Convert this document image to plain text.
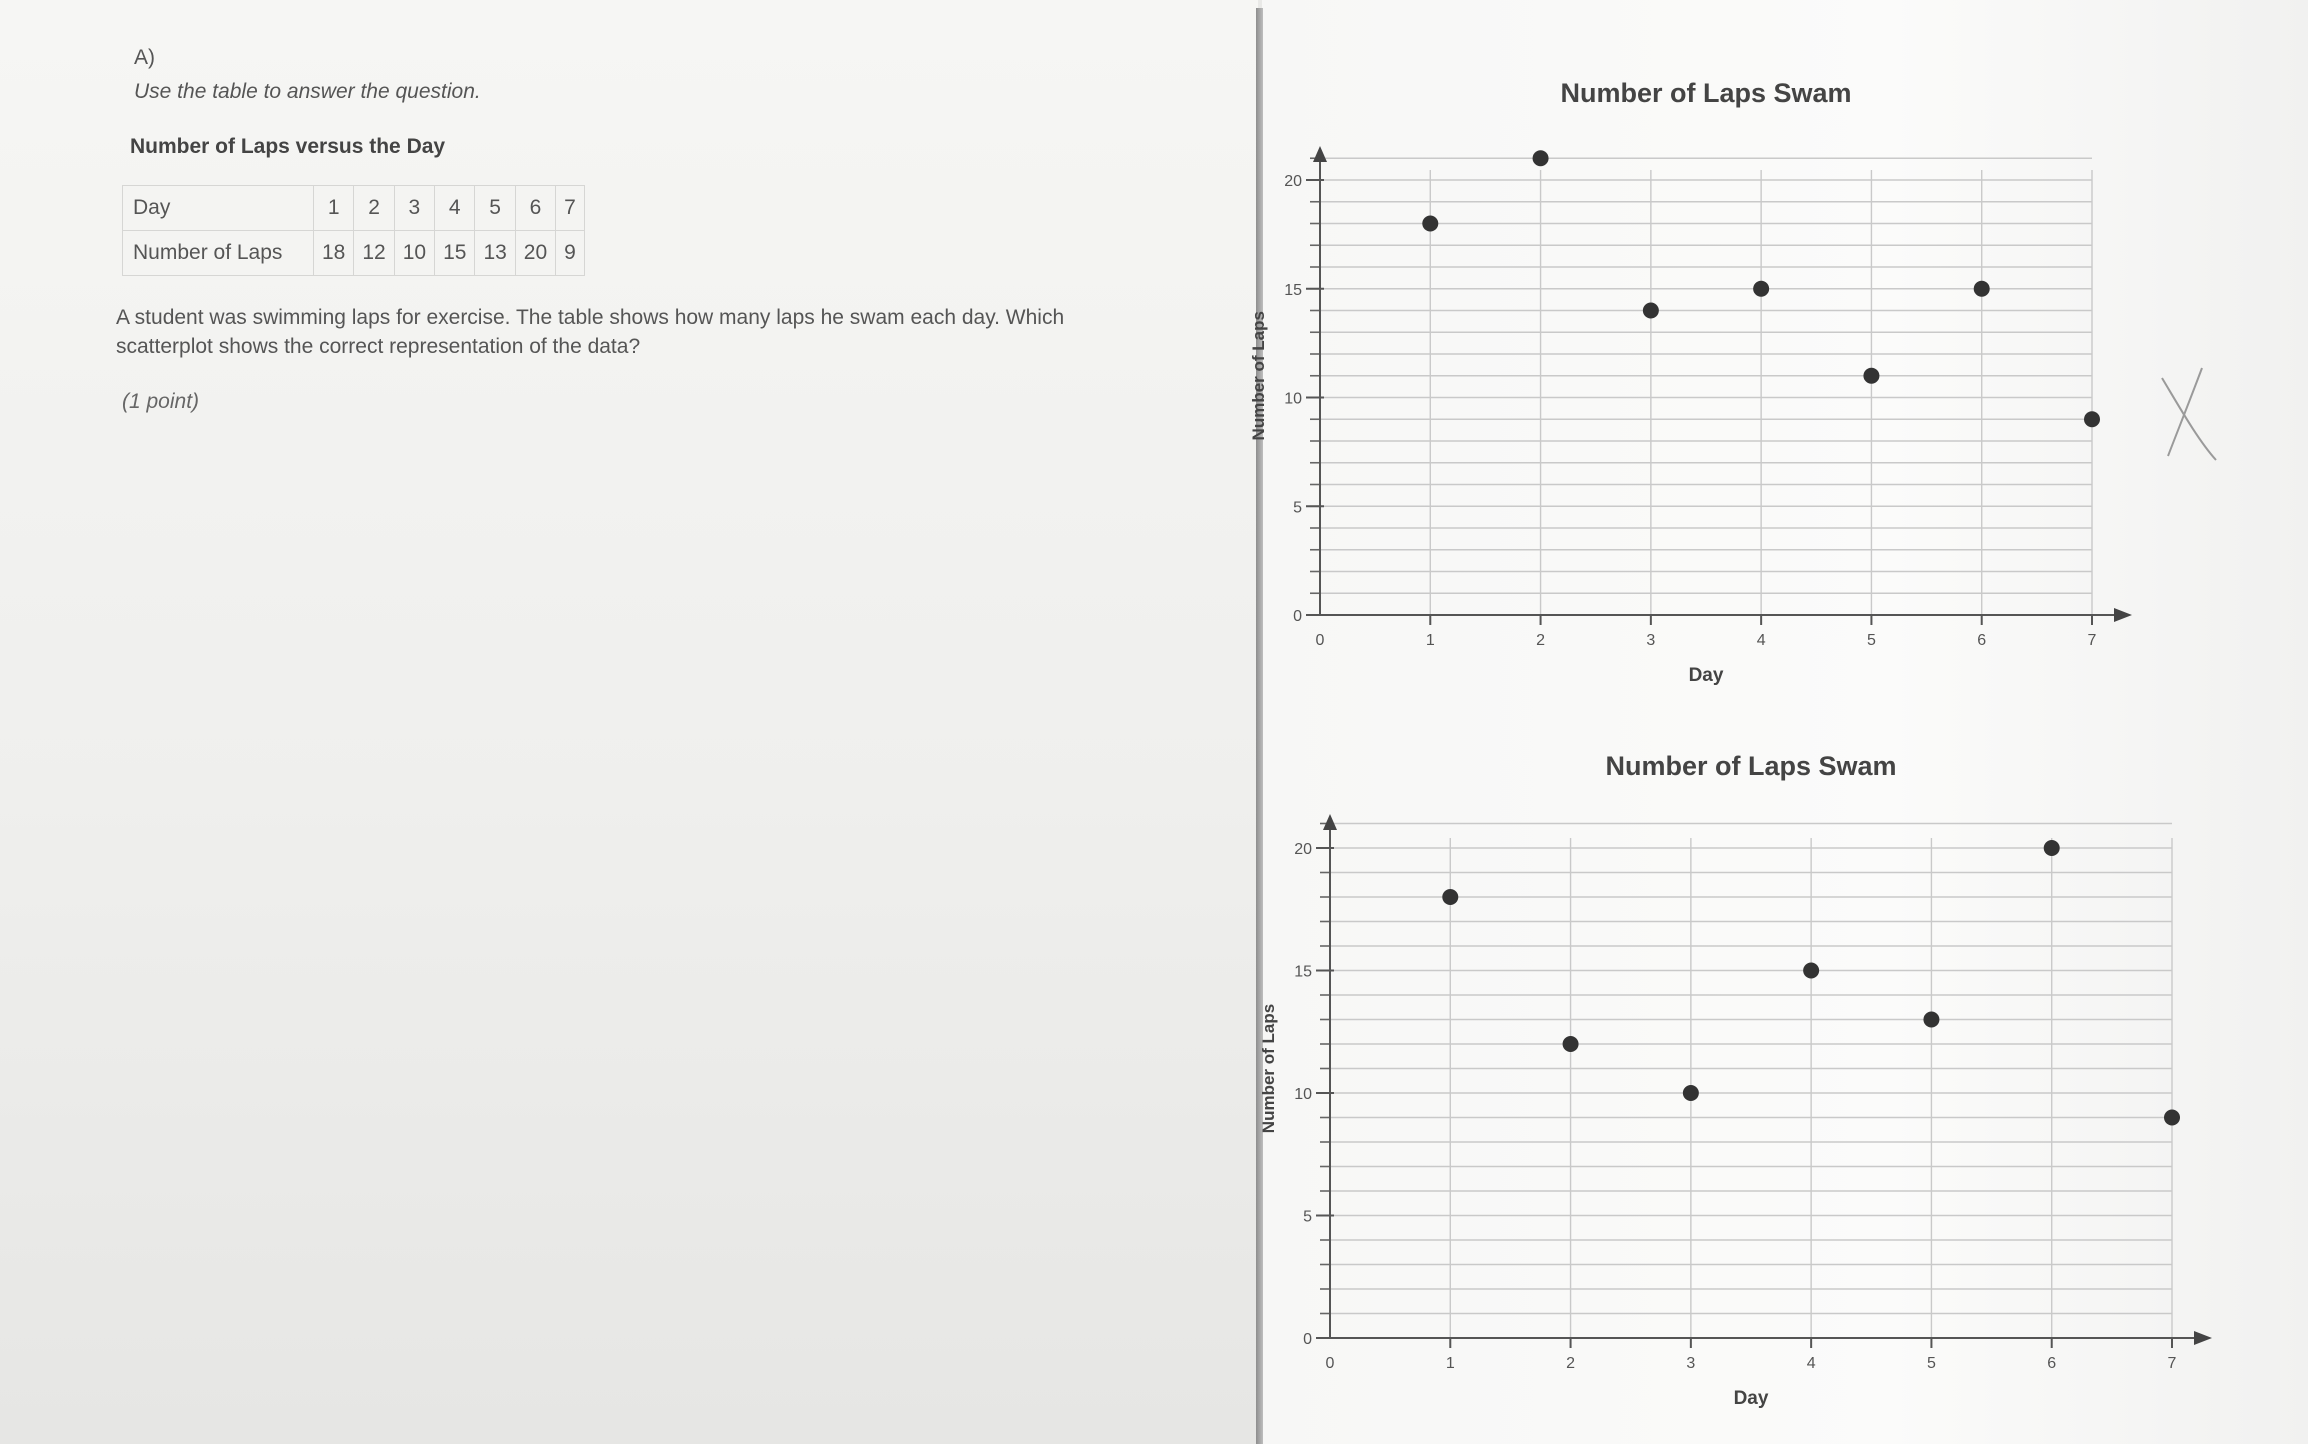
A)
Use the table to answer the question.
Number of Laps versus the Day
Day	1	2	3	4	5	6	7
Number of Laps	18	12	10	15	13	20	9
A student was swimming laps for exercise. The table shows how many laps he swam each day. Which scatterplot shows the correct representation of the data?
(1 point)
Number of Laps Swam
0
5
10
15
20
0	1	2	3	4	5	6	7
Day
Number of Laps
Number of Laps Swam
0
5
10
15
20
0	1	2	3	4	5	6	7
Day
Number of Laps
X
